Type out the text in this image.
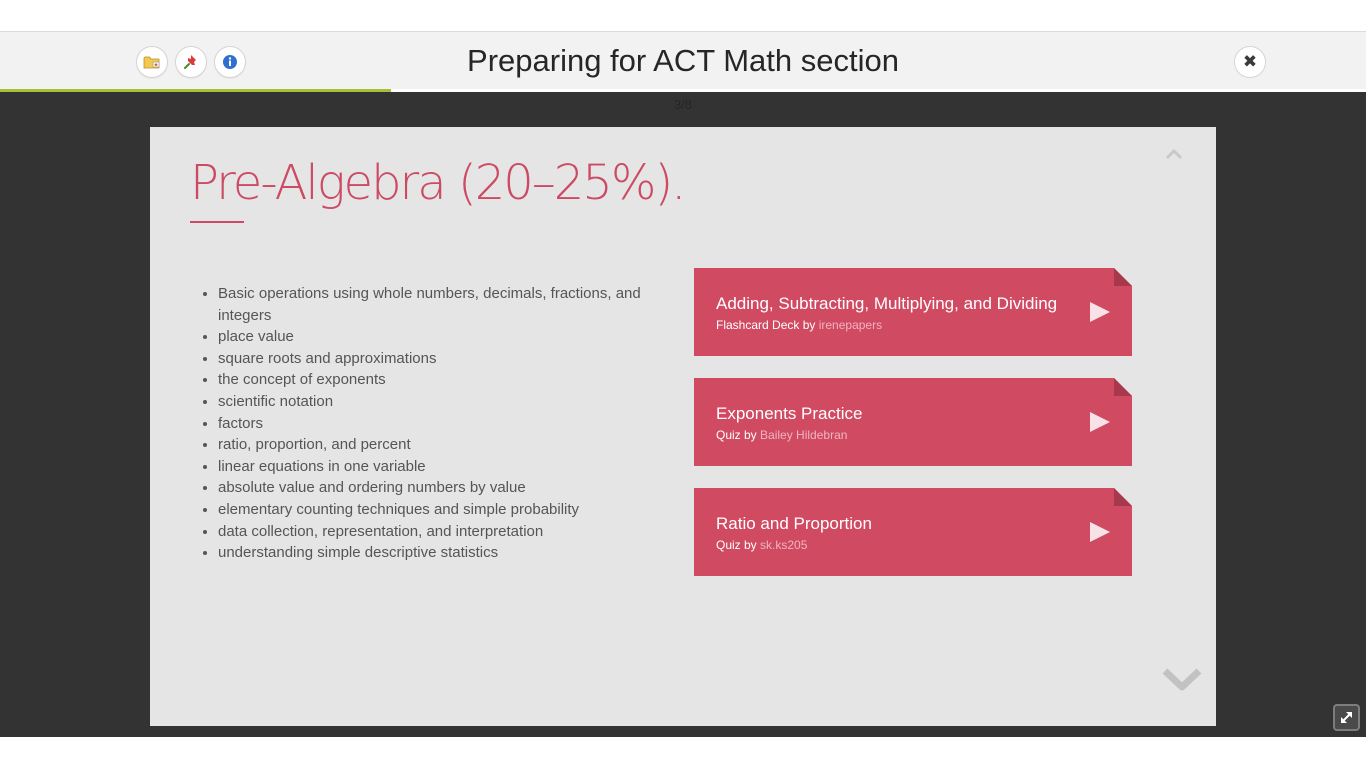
Preparing for ACT Math section	✖
3/8
Pre-Algebra (20–25%).
• Basic operations using whole numbers, decimals, fractions, and integers
• place value
• square roots and approximations
• the concept of exponents
• scientific notation
• factors
• ratio, proportion, and percent
• linear equations in one variable
• absolute value and ordering numbers by value
• elementary counting techniques and simple probability
• data collection, representation, and interpretation
• understanding simple descriptive statistics
Adding, Subtracting, Multiplying, and Dividing
Flashcard Deck by irenepapers
Exponents Practice
Quiz by Bailey Hildebran
Ratio and Proportion
Quiz by sk.ks205
